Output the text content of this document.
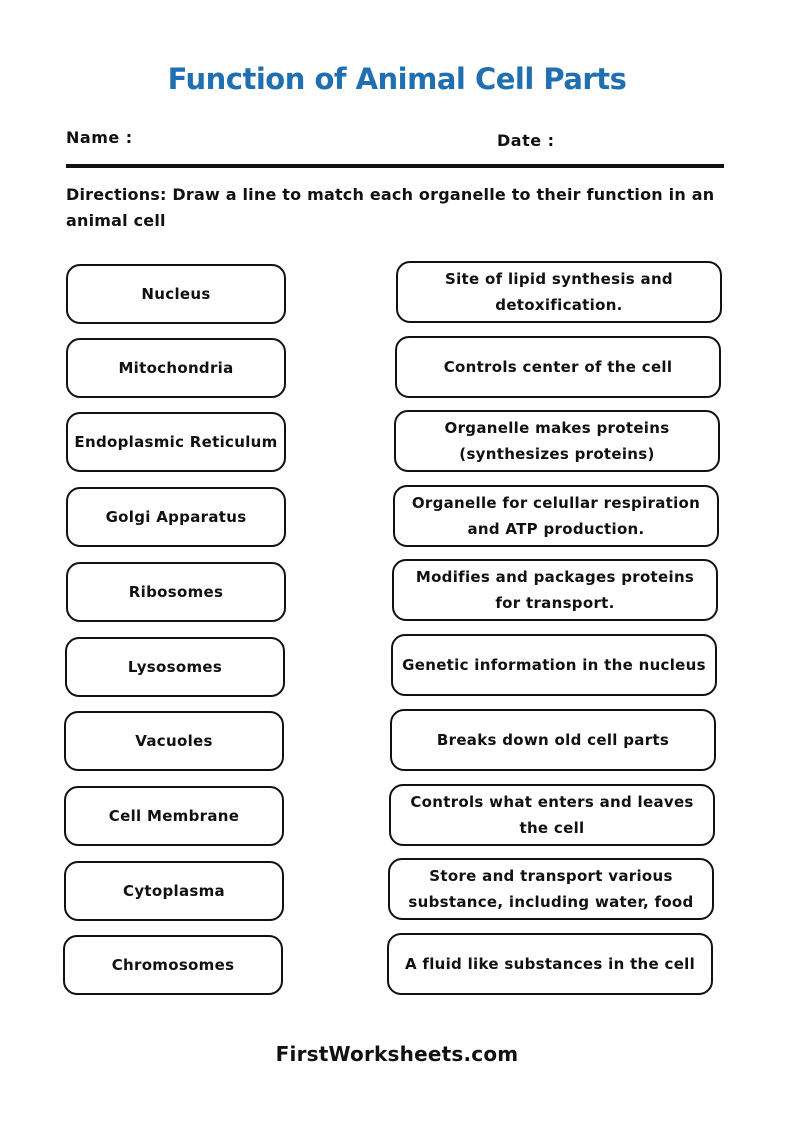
Function of Animal Cell Parts
Name :	Date :
Directions: Draw a line to match each organelle to their function in an animal cell
Nucleus
Mitochondria
Endoplasmic Reticulum
Golgi Apparatus
Ribosomes
Lysosomes
Vacuoles
Cell Membrane
Cytoplasma
Chromosomes
Site of lipid synthesis and
detoxification.
Controls center of the cell
Organelle makes proteins
(synthesizes proteins)
Organelle for celullar respiration
and ATP production.
Modifies and packages proteins
for transport.
Genetic information in the nucleus
Breaks down old cell parts
Controls what enters and leaves
the cell
Store and transport various
substance, including water, food
A fluid like substances in the cell
FirstWorksheets.com
